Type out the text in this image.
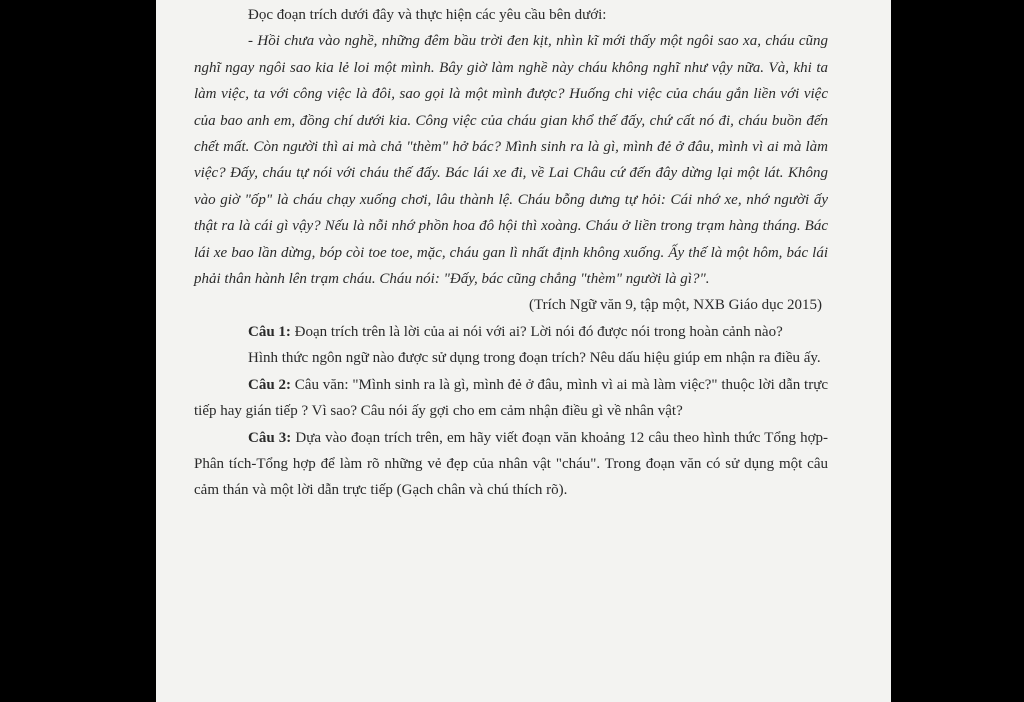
Đọc đoạn trích dưới đây và thực hiện các yêu cầu bên dưới:

- Hồi chưa vào nghề, những đêm bầu trời đen kịt, nhìn kĩ mới thấy một ngôi sao xa, cháu cũng nghĩ ngay ngôi sao kia lẻ loi một mình. Bây giờ làm nghề này cháu không nghĩ như vậy nữa. Và, khi ta làm việc, ta với công việc là đôi, sao gọi là một mình được? Huống chi việc của cháu gắn liền với việc của bao anh em, đồng chí dưới kia. Công việc của cháu gian khổ thế đấy, chứ cất nó đi, cháu buồn đến chết mất. Còn người thì ai mà chả "thèm" hở bác? Mình sinh ra là gì, mình đẻ ở đâu, mình vì ai mà làm việc? Đấy, cháu tự nói với cháu thế đấy. Bác lái xe đi, về Lai Châu cứ đến đây dừng lại một lát. Không vào giờ "ốp" là cháu chạy xuống chơi, lâu thành lệ. Cháu bỗng dưng tự hỏi: Cái nhớ xe, nhớ người ấy thật ra là cái gì vậy? Nếu là nỗi nhớ phồn hoa đô hội thì xoàng. Cháu ở liền trong trạm hàng tháng. Bác lái xe bao lần dừng, bóp còi toe toe, mặc, cháu gan lì nhất định không xuống. Ấy thế là một hôm, bác lái phải thân hành lên trạm cháu. Cháu nói: "Đấy, bác cũng chẳng "thèm" người là gì?".

(Trích Ngữ văn 9, tập một, NXB Giáo dục 2015)

Câu 1: Đoạn trích trên là lời của ai nói với ai? Lời nói đó được nói trong hoàn cảnh nào?

Hình thức ngôn ngữ nào được sử dụng trong đoạn trích? Nêu dấu hiệu giúp em nhận ra điều ấy.

Câu 2: Câu văn: "Mình sinh ra là gì, mình đẻ ở đâu, mình vì ai mà làm việc?" thuộc lời dẫn trực tiếp hay gián tiếp ? Vì sao? Câu nói ấy gợi cho em cảm nhận điều gì về nhân vật?

Câu 3: Dựa vào đoạn trích trên, em hãy viết đoạn văn khoảng 12 câu theo hình thức Tổng hợp-Phân tích-Tổng hợp để làm rõ những vẻ đẹp của nhân vật "cháu". Trong đoạn văn có sử dụng một câu cảm thán và một lời dẫn trực tiếp (Gạch chân và chú thích rõ).
